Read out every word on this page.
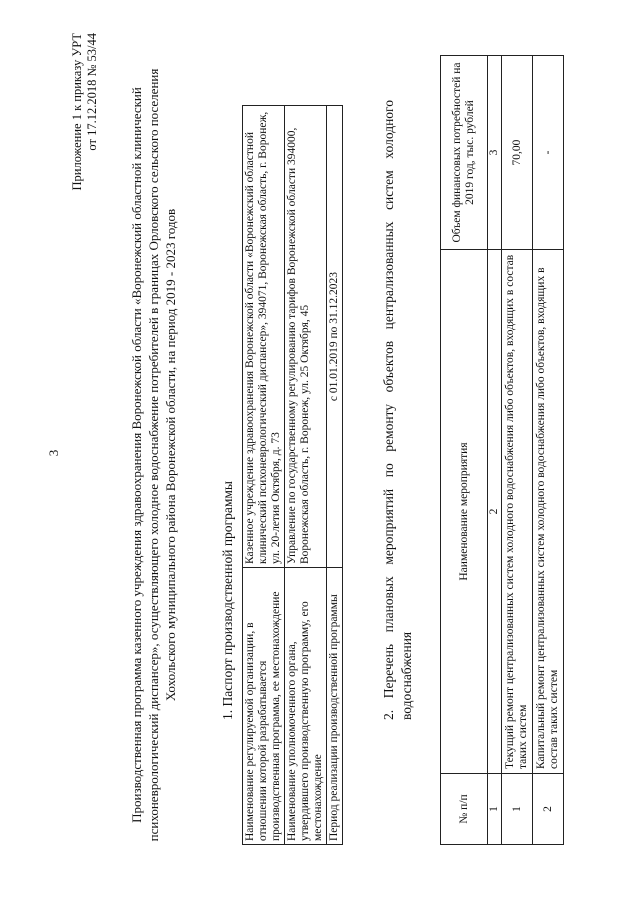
3
Приложение 1 к приказу УРТ от 17.12.2018 № 53/44 Производственная программа казенного учреждения здравоохранения Воронежской области «Воронежский областной клинический психоневрологический диспансер», осуществляющего холодное водоснабжение потребителей в границах Орловского сельского поселения Хохольского муниципального района Воронежской области, на период 2019 - 2023 годов	1. Паспорт производственной программы
Наименование регулируемой организации, в отношении которой разрабатывается производственная программа, ее местонахождение	Казенное учреждение здравоохранения Воронежской области «Воронежский областной клинический психоневрологический диспансер», 394071, Воронежская область, г. Воронеж, ул. 20-летия Октября, д. 73
Наименование уполномоченного органа, утвердившего производственную программу, его местонахождение	Управление по государственному регулированию тарифов Воронежской области 394000, Воронежская область, г. Воронеж, ул. 25 Октября, 45
Период реализации производственной программы	с 01.01.2019 по 31.12.2023	2. Перечень плановых мероприятий по ремонту объектов централизованных систем холодного водоснабжения
№ п/п	Наименование мероприятия	Объем финансовых потребностей на 2019 год, тыс. рублей
1	2	3
1	Текущий ремонт централизованных систем холодного водоснабжения либо объектов, входящих в состав таких систем	70,00
2	Капитальный ремонт централизованных систем холодного водоснабжения либо объектов, входящих в состав таких систем	-
